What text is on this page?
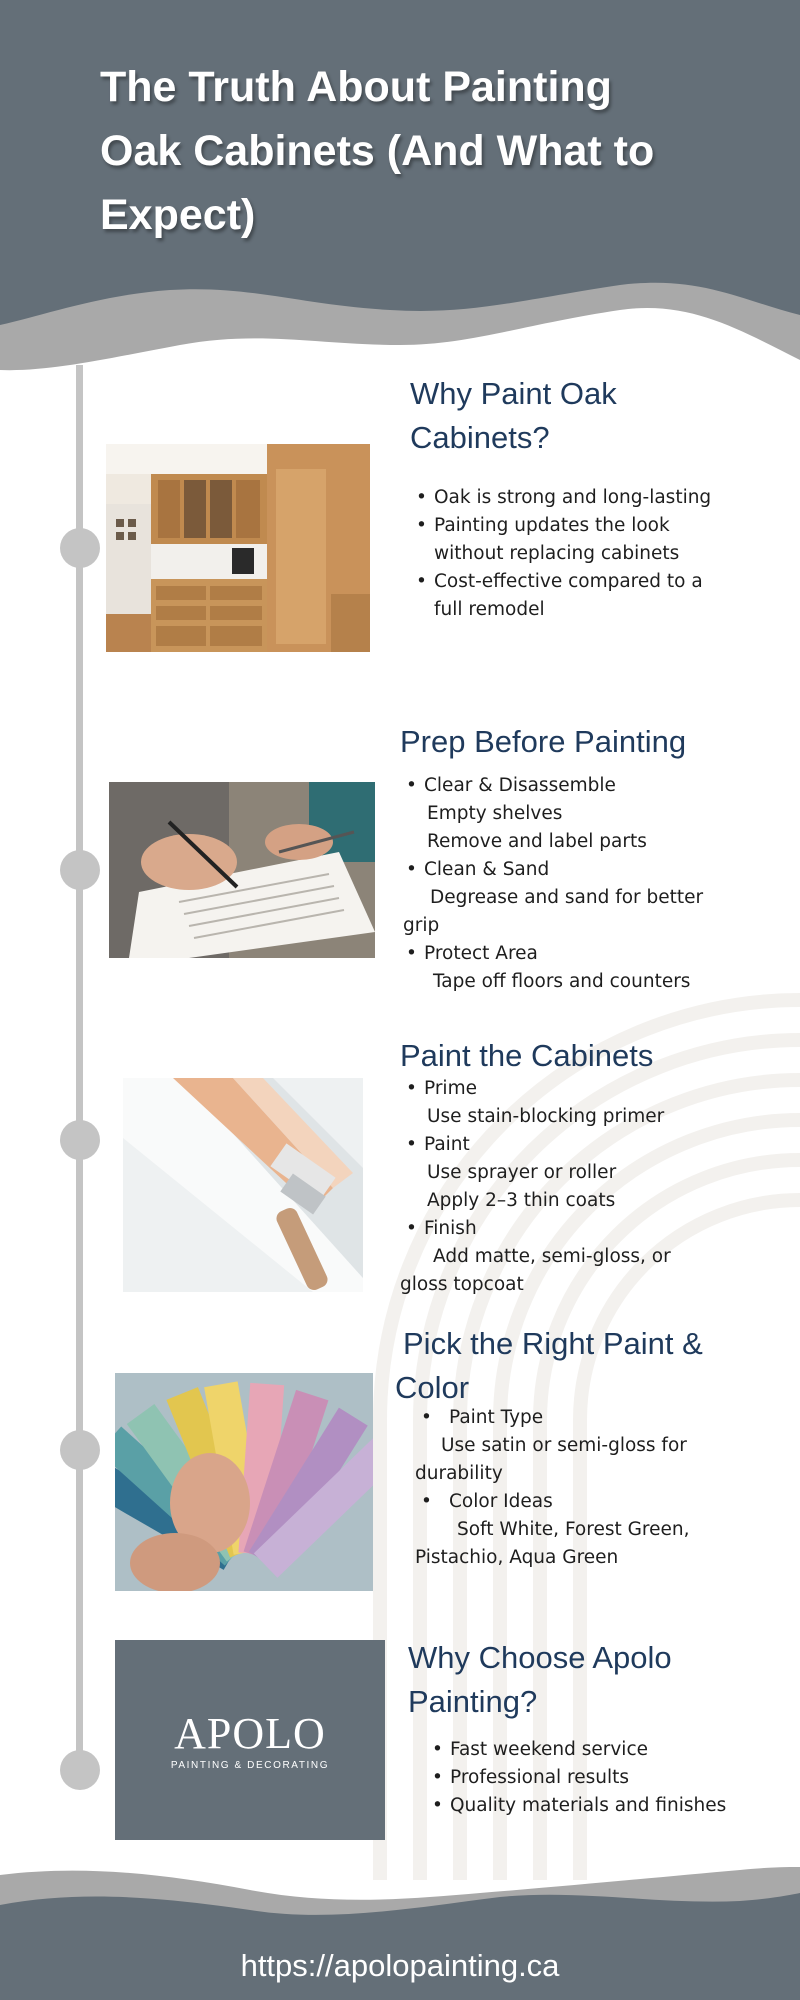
The Truth About Painting Oak Cabinets (And What to Expect)
Why Paint Oak Cabinets?
• Oak is strong and long-lasting
• Painting updates the look without replacing cabinets
• Cost-effective compared to a full remodel
Prep Before Painting
• Clear & Disassemble
Empty shelves
Remove and label parts
• Clean & Sand
Degrease and sand for better grip
• Protect Area
Tape off floors and counters
Paint the Cabinets
• Prime
Use stain-blocking primer
• Paint
Use sprayer or roller
Apply 2–3 thin coats
• Finish
Add matte, semi-gloss, or gloss topcoat
Pick the Right Paint & Color
• Paint Type
Use satin or semi-gloss for durability
• Color Ideas
Soft White, Forest Green, Pistachio, Aqua Green
APOLO
PAINTING & DECORATING
Why Choose Apolo Painting?
• Fast weekend service
• Professional results
• Quality materials and finishes
https://apolopainting.ca
